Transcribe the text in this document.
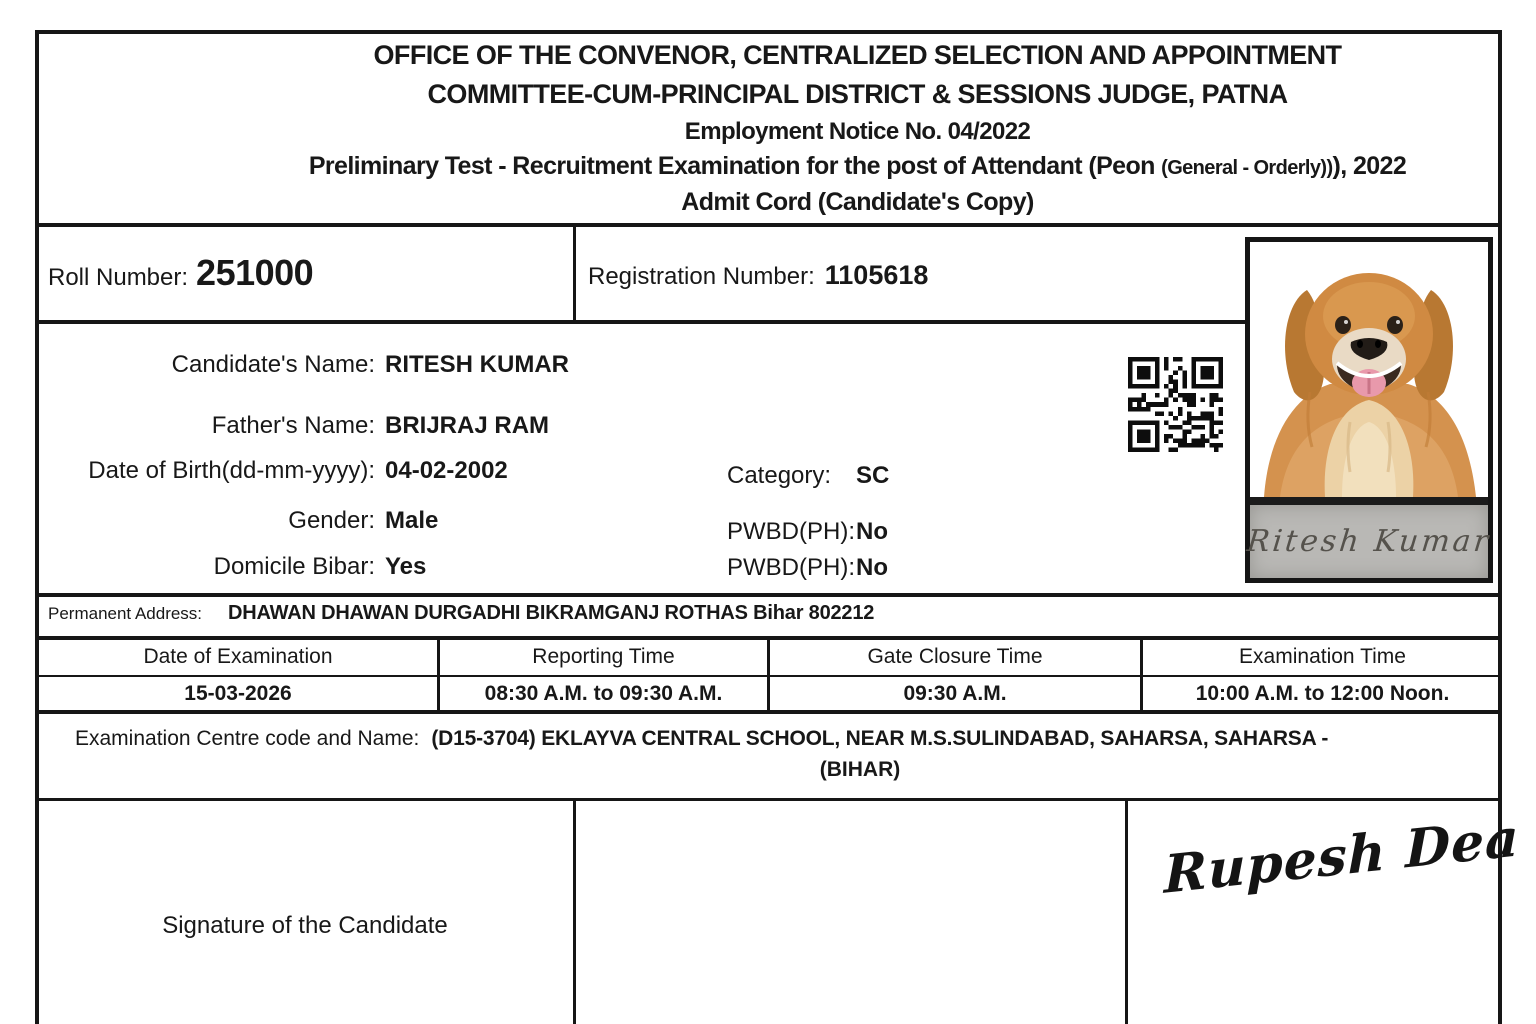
OFFICE OF THE CONVENOR, CENTRALIZED SELECTION AND APPOINTMENT
COMMITTEE-CUM-PRINCIPAL DISTRICT & SESSIONS JUDGE, PATNA
Employment Notice No. 04/2022
Preliminary Test - Recruitment Examination for the post of Attendant (Peon (General - Orderly))), 2022
Admit Cord (Candidate's Copy)
Roll Number: 251000	Registration Number: 1105618
Candidate's Name: RITESH KUMAR
Father's Name: BRIJRAJ RAM
Date of Birth(dd-mm-yyyy): 04-02-2002
Gender: Male
Domicile Bibar: Yes
Category: SC
PWBD(PH): No
PWBD(PH): No
Ritesh Kumar
Permanent Address: DHAWAN DHAWAN DURGADHI BIKRAMGANJ ROTHAS Bihar 802212
Date of Examination	Reporting Time	Gate Closure Time	Examination Time
15-03-2026	08:30 A.M. to 09:30 A.M.	09:30 A.M.	10:00 A.M. to 12:00 Noon.
Examination Centre code and Name: (D15-3704) EKLAYVA CENTRAL SCHOOL, NEAR M.S.SULINDABAD, SAHARSA, SAHARSA -
(BIHAR)
Signature of the Candidate
Rupesh Dea
